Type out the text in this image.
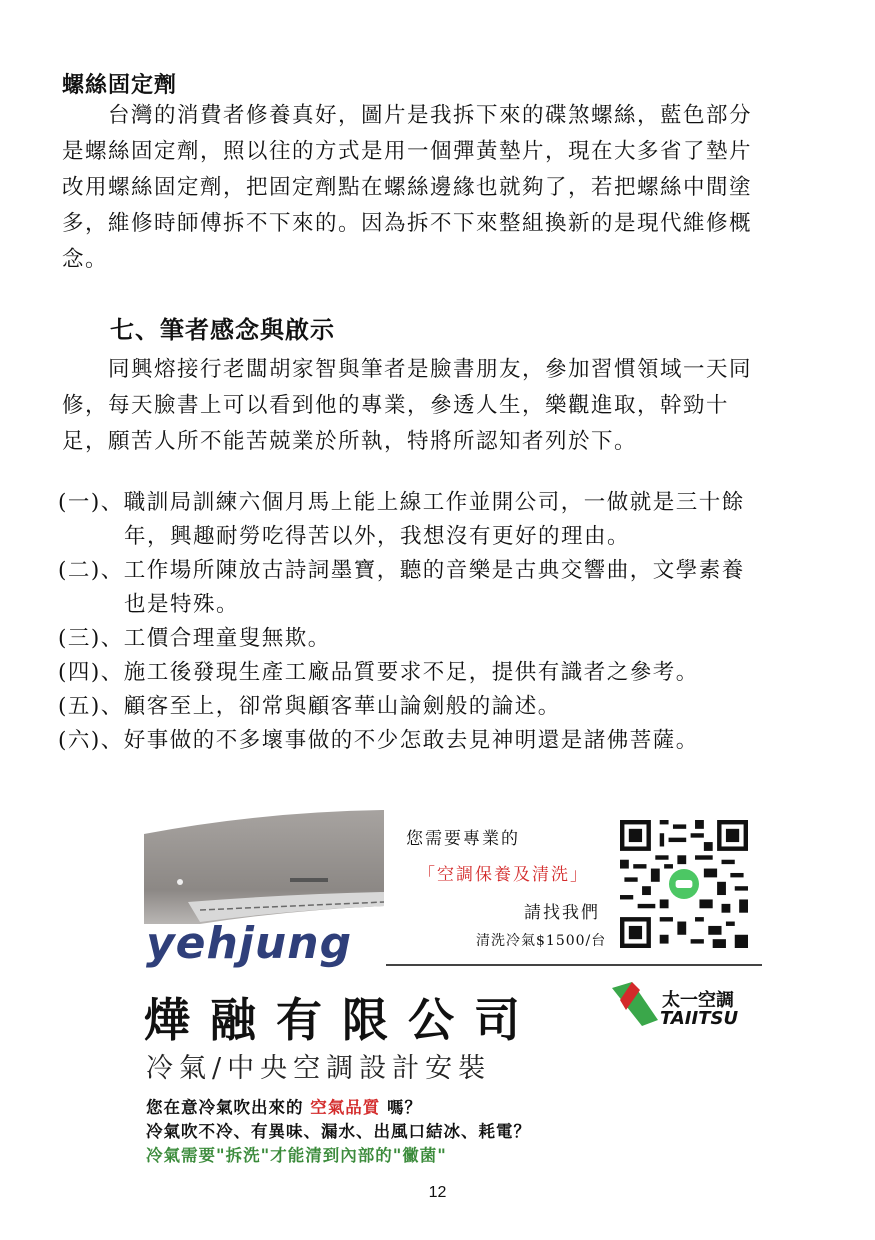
螺絲固定劑
台灣的消費者修養真好，圖片是我拆下來的碟煞螺絲，藍色部分
是螺絲固定劑，照以往的方式是用一個彈黃墊片，現在大多省了墊片
改用螺絲固定劑，把固定劑點在螺絲邊緣也就夠了，若把螺絲中間塗
多，維修時師傅拆不下來的。因為拆不下來整組換新的是現代維修概
念。
七、筆者感念與啟示
同興熔接行老闆胡家智與筆者是臉書朋友，參加習慣領域一天同
修，每天臉書上可以看到他的專業，參透人生，樂觀進取，幹勁十
足，願苦人所不能苦兢業於所執，特將所認知者列於下。
(一)、職訓局訓練六個月馬上能上線工作並開公司，一做就是三十餘
年，興趣耐勞吃得苦以外，我想沒有更好的理由。
(二)、工作場所陳放古詩詞墨寶，聽的音樂是古典交響曲，文學素養
也是特殊。
(三)、工價合理童叟無欺。
(四)、施工後發現生產工廠品質要求不足，提供有識者之參考。
(五)、顧客至上，卻常與顧客華山論劍般的論述。
(六)、好事做的不多壞事做的不少怎敢去見神明還是諸佛菩薩。
yehjung
您需要專業的
「空調保養及清洗」
請找我們
清洗冷氣$1500/台
太一空調
TAIITSU
燁融有限公司
冷氣/中央空調設計安裝
您在意冷氣吹出來的 空氣品質 嗎？
冷氣吹不冷、有異味、漏水、出風口結冰、耗電？
冷氣需要"拆洗"才能清到內部的"黴菌"
12
